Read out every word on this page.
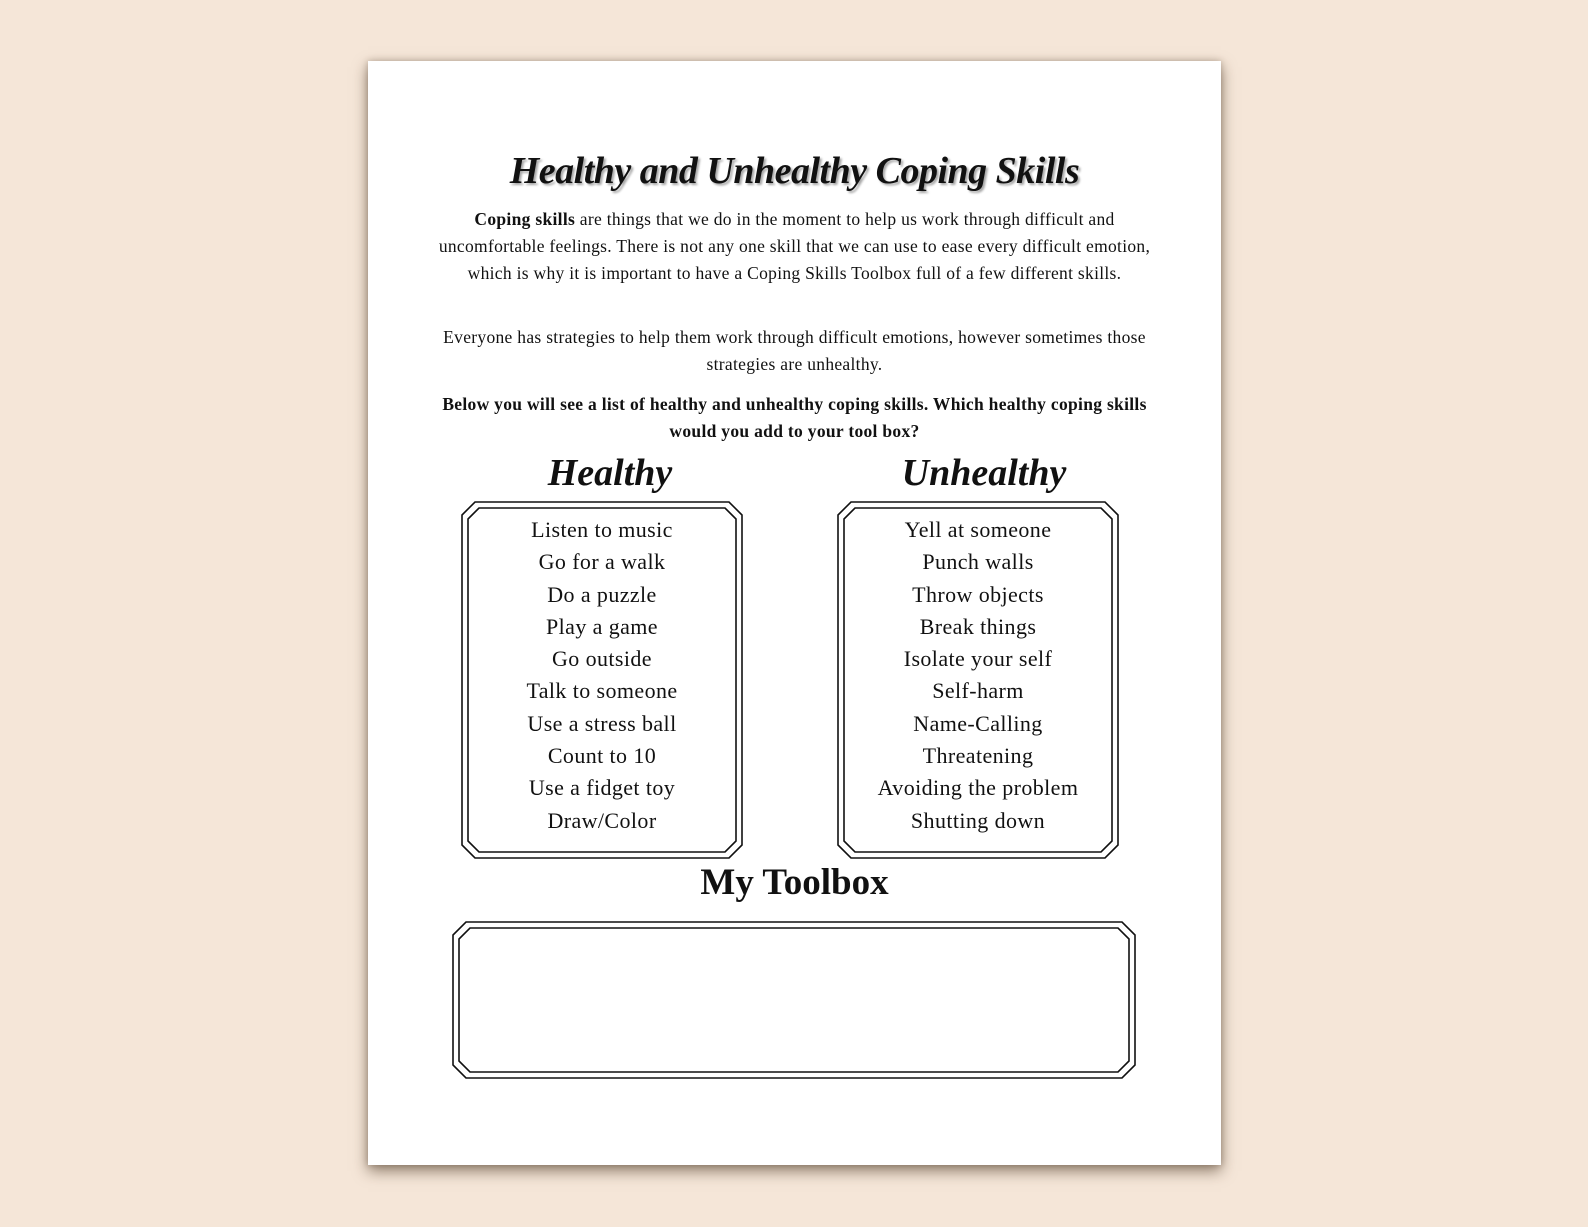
Healthy and Unhealthy Coping Skills

Coping skills are things that we do in the moment to help us work through difficult and uncomfortable feelings. There is not any one skill that we can use to ease every difficult emotion, which is why it is important to have a Coping Skills Toolbox full of a few different skills.

Everyone has strategies to help them work through difficult emotions, however sometimes those strategies are unhealthy.

Below you will see a list of healthy and unhealthy coping skills. Which healthy coping skills would you add to your tool box?

Healthy	Unhealthy
Listen to music
Go for a walk
Do a puzzle
Play a game
Go outside
Talk to someone
Use a stress ball
Count to 10
Use a fidget toy
Draw/Color
Yell at someone
Punch walls
Throw objects
Break things
Isolate your self
Self-harm
Name-Calling
Threatening
Avoiding the problem
Shutting down
My Toolbox
